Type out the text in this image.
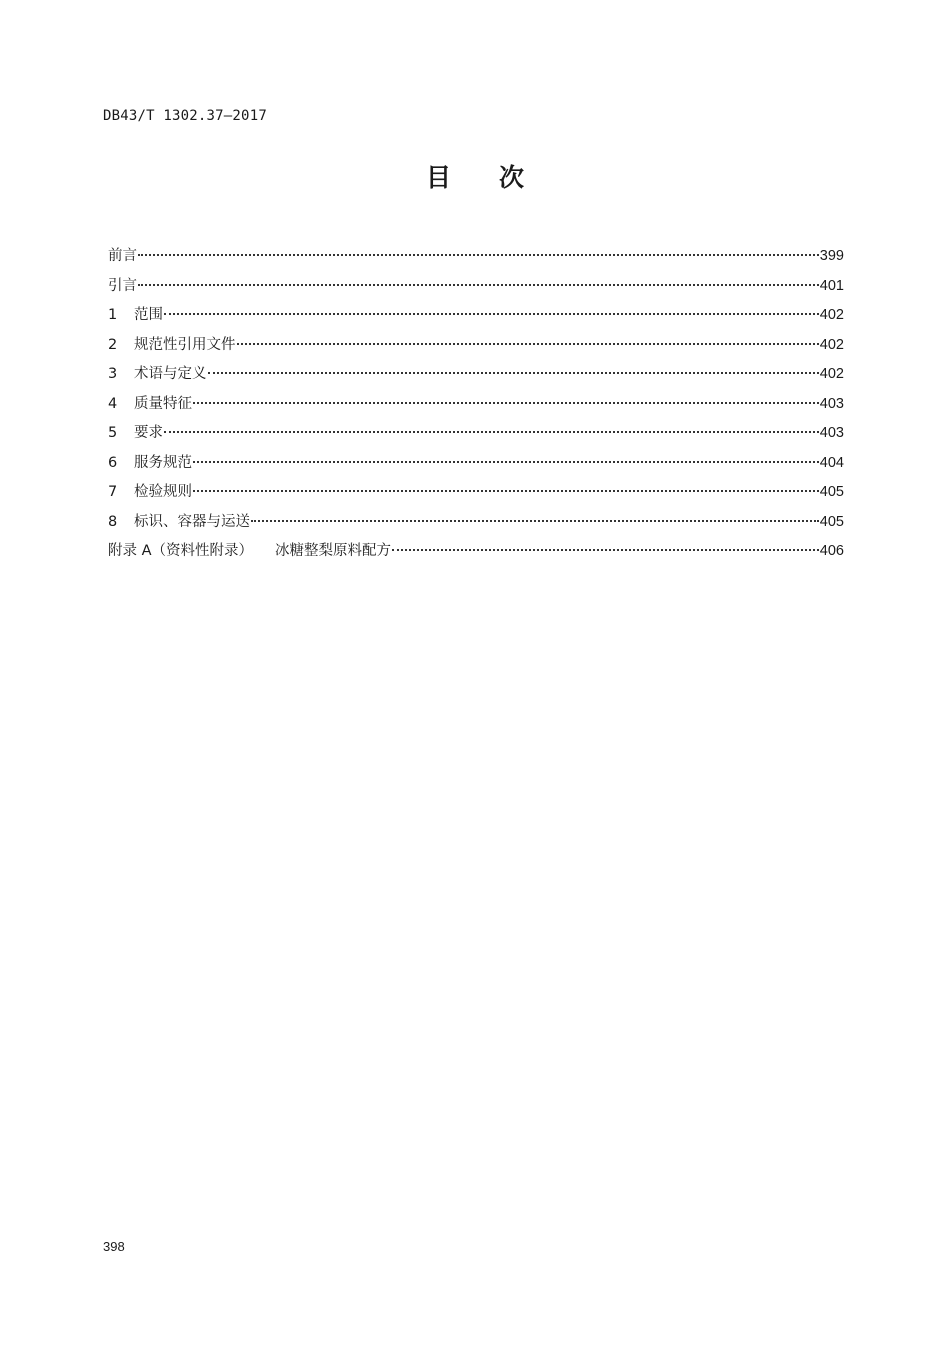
DB43/T 1302.37—2017
目 次
前言	399
引言	401
1	范围	402
2	规范性引用文件	402
3	术语与定义	402
4	质量特征	403
5	要求	403
6	服务规范	404
7	检验规则	405
8	标识、容器与运送	405
附录 A（资料性附录） 冰糖整梨原料配方	406
398
